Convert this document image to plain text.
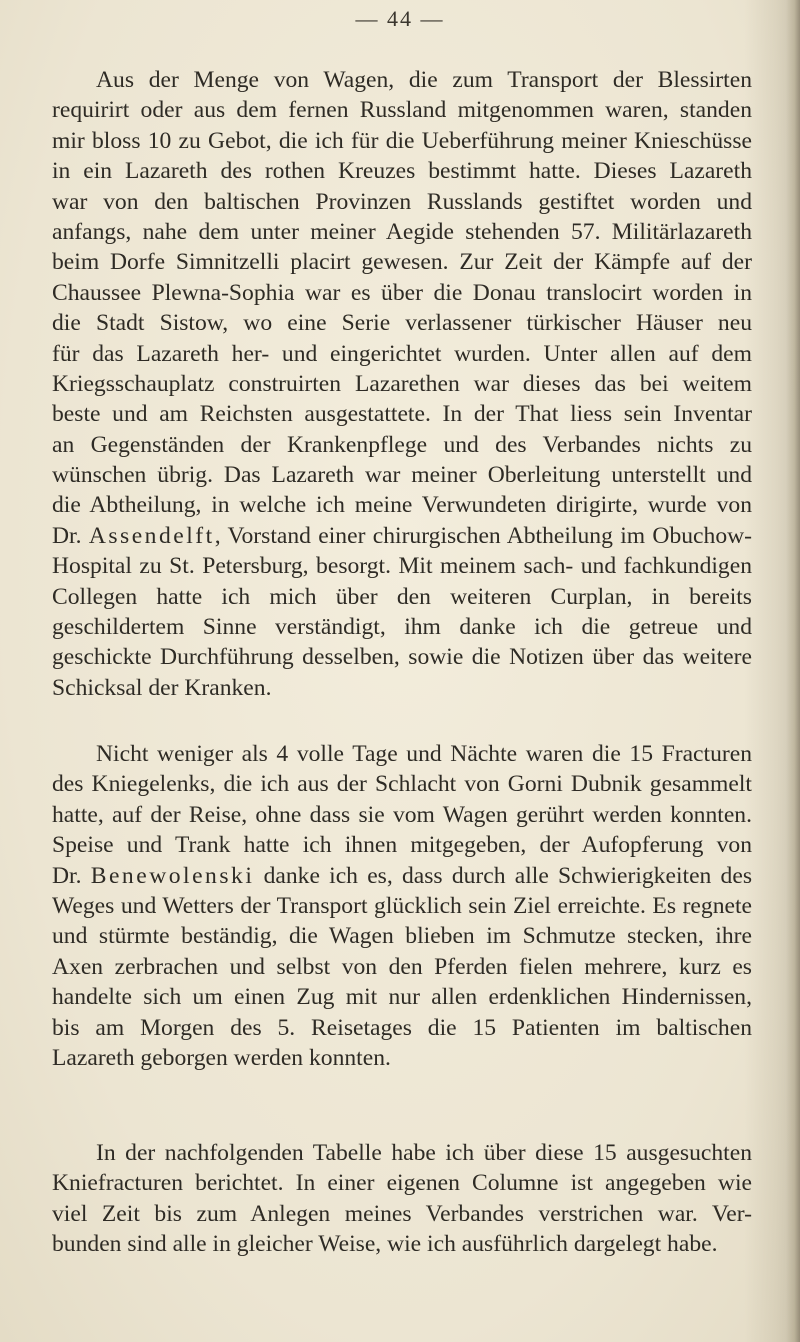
— 44 —
Aus der Menge von Wagen, die zum Transport der Blessirten
requirirt oder aus dem fernen Russland mitgenommen waren, standen
mir bloss 10 zu Gebot, die ich für die Ueberführung meiner Knieschüsse
in ein Lazareth des rothen Kreuzes bestimmt hatte. Dieses Lazareth
war von den baltischen Provinzen Russlands gestiftet worden und
anfangs, nahe dem unter meiner Aegide stehenden 57. Militärlazareth
beim Dorfe Simnitzelli placirt gewesen. Zur Zeit der Kämpfe auf der
Chaussee Plewna-Sophia war es über die Donau translocirt worden in
die Stadt Sistow, wo eine Serie verlassener türkischer Häuser neu
für das Lazareth her- und eingerichtet wurden. Unter allen auf dem
Kriegsschauplatz construirten Lazarethen war dieses das bei weitem
beste und am Reichsten ausgestattete. In der That liess sein Inventar
an Gegenständen der Krankenpflege und des Verbandes nichts zu
wünschen übrig. Das Lazareth war meiner Oberleitung unterstellt und
die Abtheilung, in welche ich meine Verwundeten dirigirte, wurde von
Dr. Assendelft, Vorstand einer chirurgischen Abtheilung im Obuchow-
Hospital zu St. Petersburg, besorgt. Mit meinem sach- und fachkundigen
Collegen hatte ich mich über den weiteren Curplan, in bereits
geschildertem Sinne verständigt, ihm danke ich die getreue und
geschickte Durchführung desselben, sowie die Notizen über das weitere
Schicksal der Kranken.
Nicht weniger als 4 volle Tage und Nächte waren die 15 Fracturen
des Kniegelenks, die ich aus der Schlacht von Gorni Dubnik gesammelt
hatte, auf der Reise, ohne dass sie vom Wagen gerührt werden konnten.
Speise und Trank hatte ich ihnen mitgegeben, der Aufopferung von
Dr. Benewolenski danke ich es, dass durch alle Schwierigkeiten des
Weges und Wetters der Transport glücklich sein Ziel erreichte. Es regnete
und stürmte beständig, die Wagen blieben im Schmutze stecken, ihre
Axen zerbrachen und selbst von den Pferden fielen mehrere, kurz es
handelte sich um einen Zug mit nur allen erdenklichen Hindernissen,
bis am Morgen des 5. Reisetages die 15 Patienten im baltischen
Lazareth geborgen werden konnten.
In der nachfolgenden Tabelle habe ich über diese 15 ausgesuchten
Kniefracturen berichtet. In einer eigenen Columne ist angegeben wie
viel Zeit bis zum Anlegen meines Verbandes verstrichen war. Ver-
bunden sind alle in gleicher Weise, wie ich ausführlich dargelegt habe.
